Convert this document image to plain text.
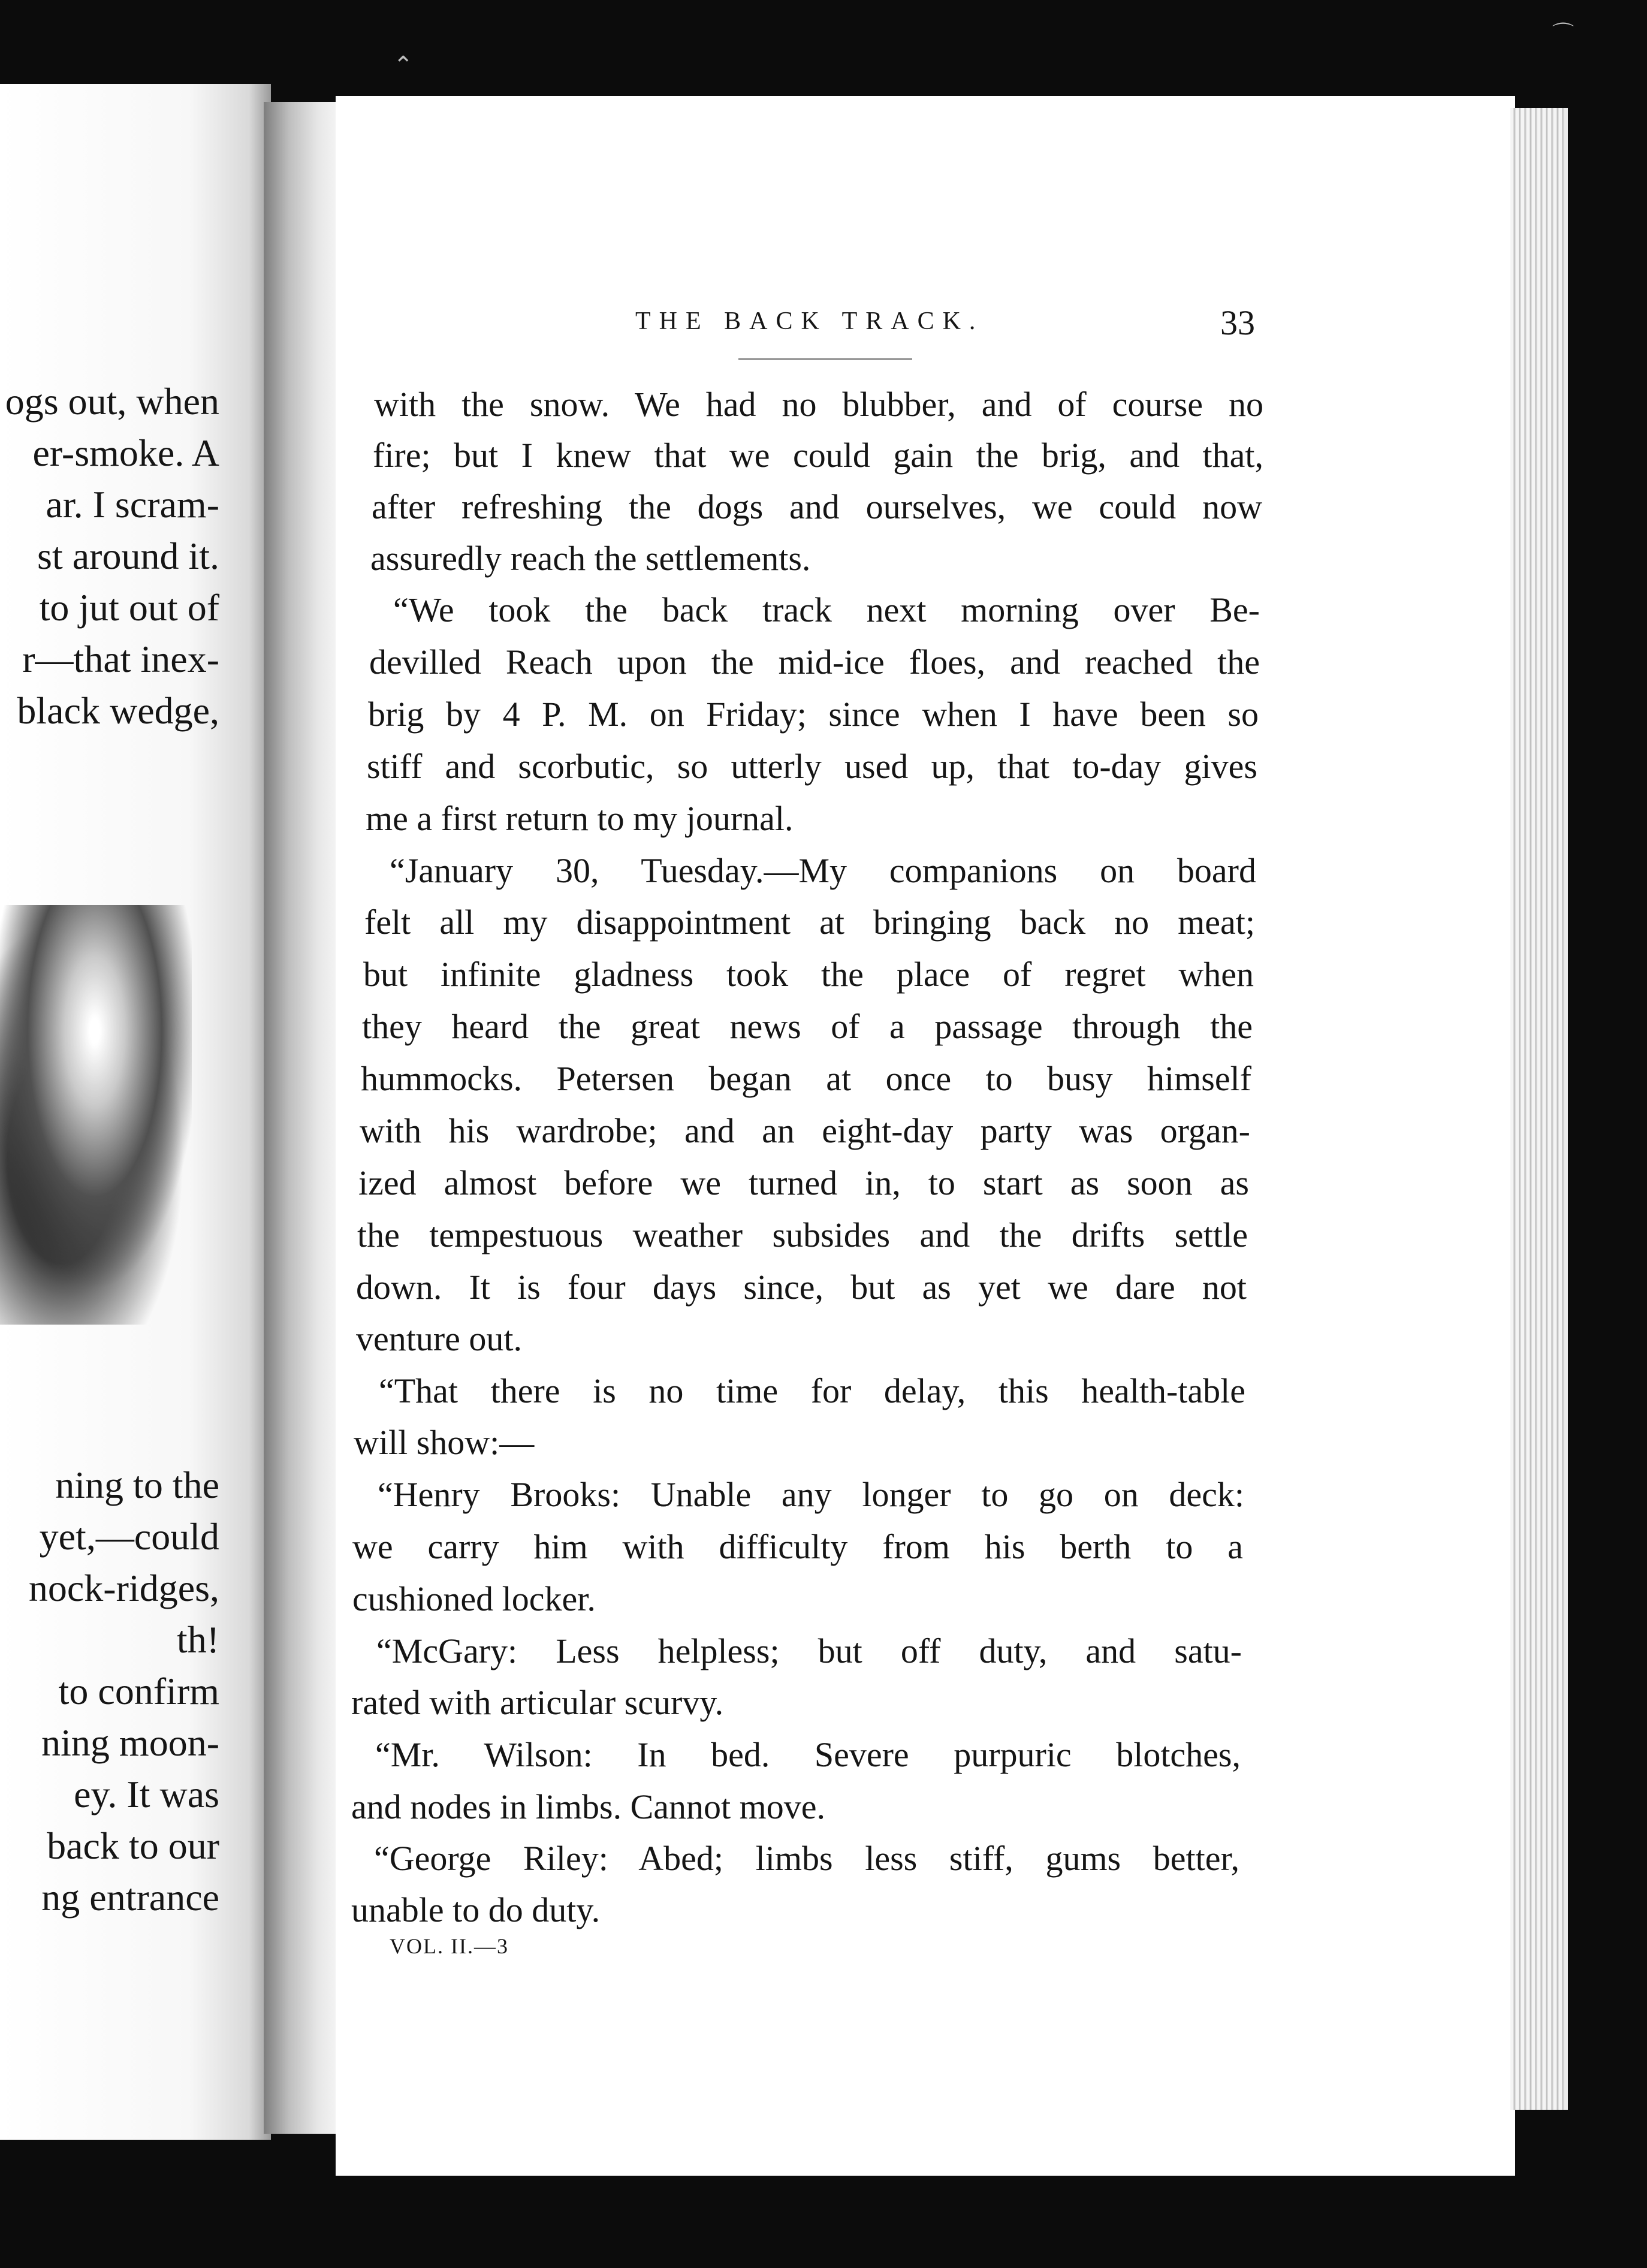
ogs out, when
er-smoke. A
ar. I scram-
st around it.
to jut out of
r—that inex-
black wedge,
ning to the
yet,—could
nock-ridges,
th!
to confirm
ning moon-
ey. It was
back to our
ng entrance
THE BACK TRACK.	33
with the snow. We had no blubber, and of course no
fire; but I knew that we could gain the brig, and that,
after refreshing the dogs and ourselves, we could now
assuredly reach the settlements.
“We took the back track next morning over Be-
devilled Reach upon the mid-ice floes, and reached the
brig by 4 P. M. on Friday; since when I have been so
stiff and scorbutic, so utterly used up, that to-day gives
me a first return to my journal.
“January 30, Tuesday.—My companions on board
felt all my disappointment at bringing back no meat;
but infinite gladness took the place of regret when
they heard the great news of a passage through the
hummocks. Petersen began at once to busy himself
with his wardrobe; and an eight-day party was organ-
ized almost before we turned in, to start as soon as
the tempestuous weather subsides and the drifts settle
down. It is four days since, but as yet we dare not
venture out.
“That there is no time for delay, this health-table
will show:—
“Henry Brooks: Unable any longer to go on deck:
we carry him with difficulty from his berth to a
cushioned locker.
“McGary: Less helpless; but off duty, and satu-
rated with articular scurvy.
“Mr. Wilson: In bed. Severe purpuric blotches,
and nodes in limbs. Cannot move.
“George Riley: Abed; limbs less stiff, gums better,
unable to do duty.
VOL. II.—3
⌃
⌒
